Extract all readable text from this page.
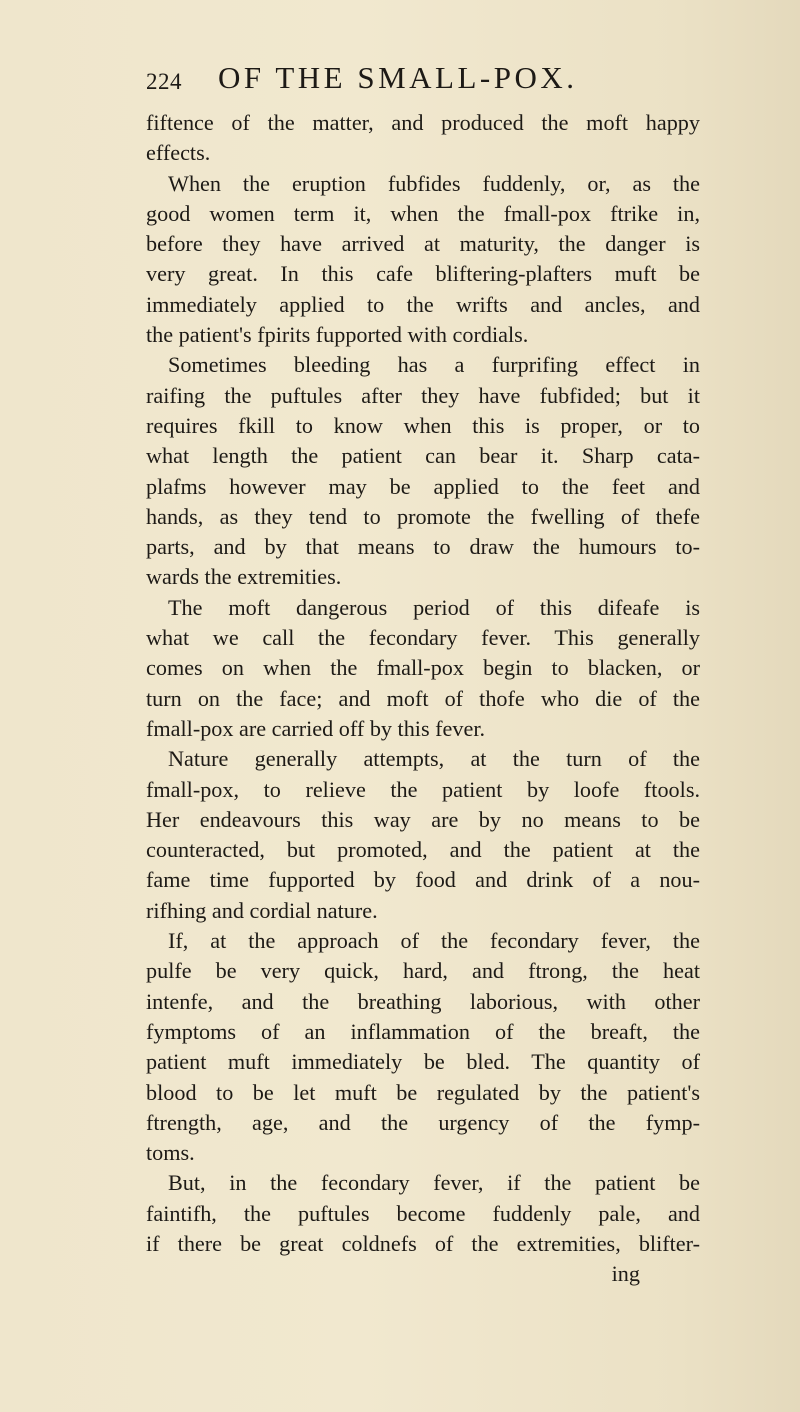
224 OF THE SMALL-POX.
fiftence of the matter, and produced the moft happy
effects.
When the eruption fubfides fuddenly, or, as the
good women term it, when the fmall-pox ftrike in,
before they have arrived at maturity, the danger is
very great. In this cafe bliftering-plafters muft be
immediately applied to the wrifts and ancles, and
the patient's fpirits fupported with cordials.
Sometimes bleeding has a furprifing effect in
raifing the puftules after they have fubfided; but it
requires fkill to know when this is proper, or to
what length the patient can bear it. Sharp cata-
plafms however may be applied to the feet and
hands, as they tend to promote the fwelling of thefe
parts, and by that means to draw the humours to-
wards the extremities.
The moft dangerous period of this difeafe is
what we call the fecondary fever. This generally
comes on when the fmall-pox begin to blacken, or
turn on the face; and moft of thofe who die of the
fmall-pox are carried off by this fever.
Nature generally attempts, at the turn of the
fmall-pox, to relieve the patient by loofe ftools.
Her endeavours this way are by no means to be
counteracted, but promoted, and the patient at the
fame time fupported by food and drink of a nou-
rifhing and cordial nature.
If, at the approach of the fecondary fever, the
pulfe be very quick, hard, and ftrong, the heat
intenfe, and the breathing laborious, with other
fymptoms of an inflammation of the breaft, the
patient muft immediately be bled. The quantity of
blood to be let muft be regulated by the patient's
ftrength, age, and the urgency of the fymp-
toms.
But, in the fecondary fever, if the patient be
faintifh, the puftules become fuddenly pale, and
if there be great coldnefs of the extremities, blifter-
ing
